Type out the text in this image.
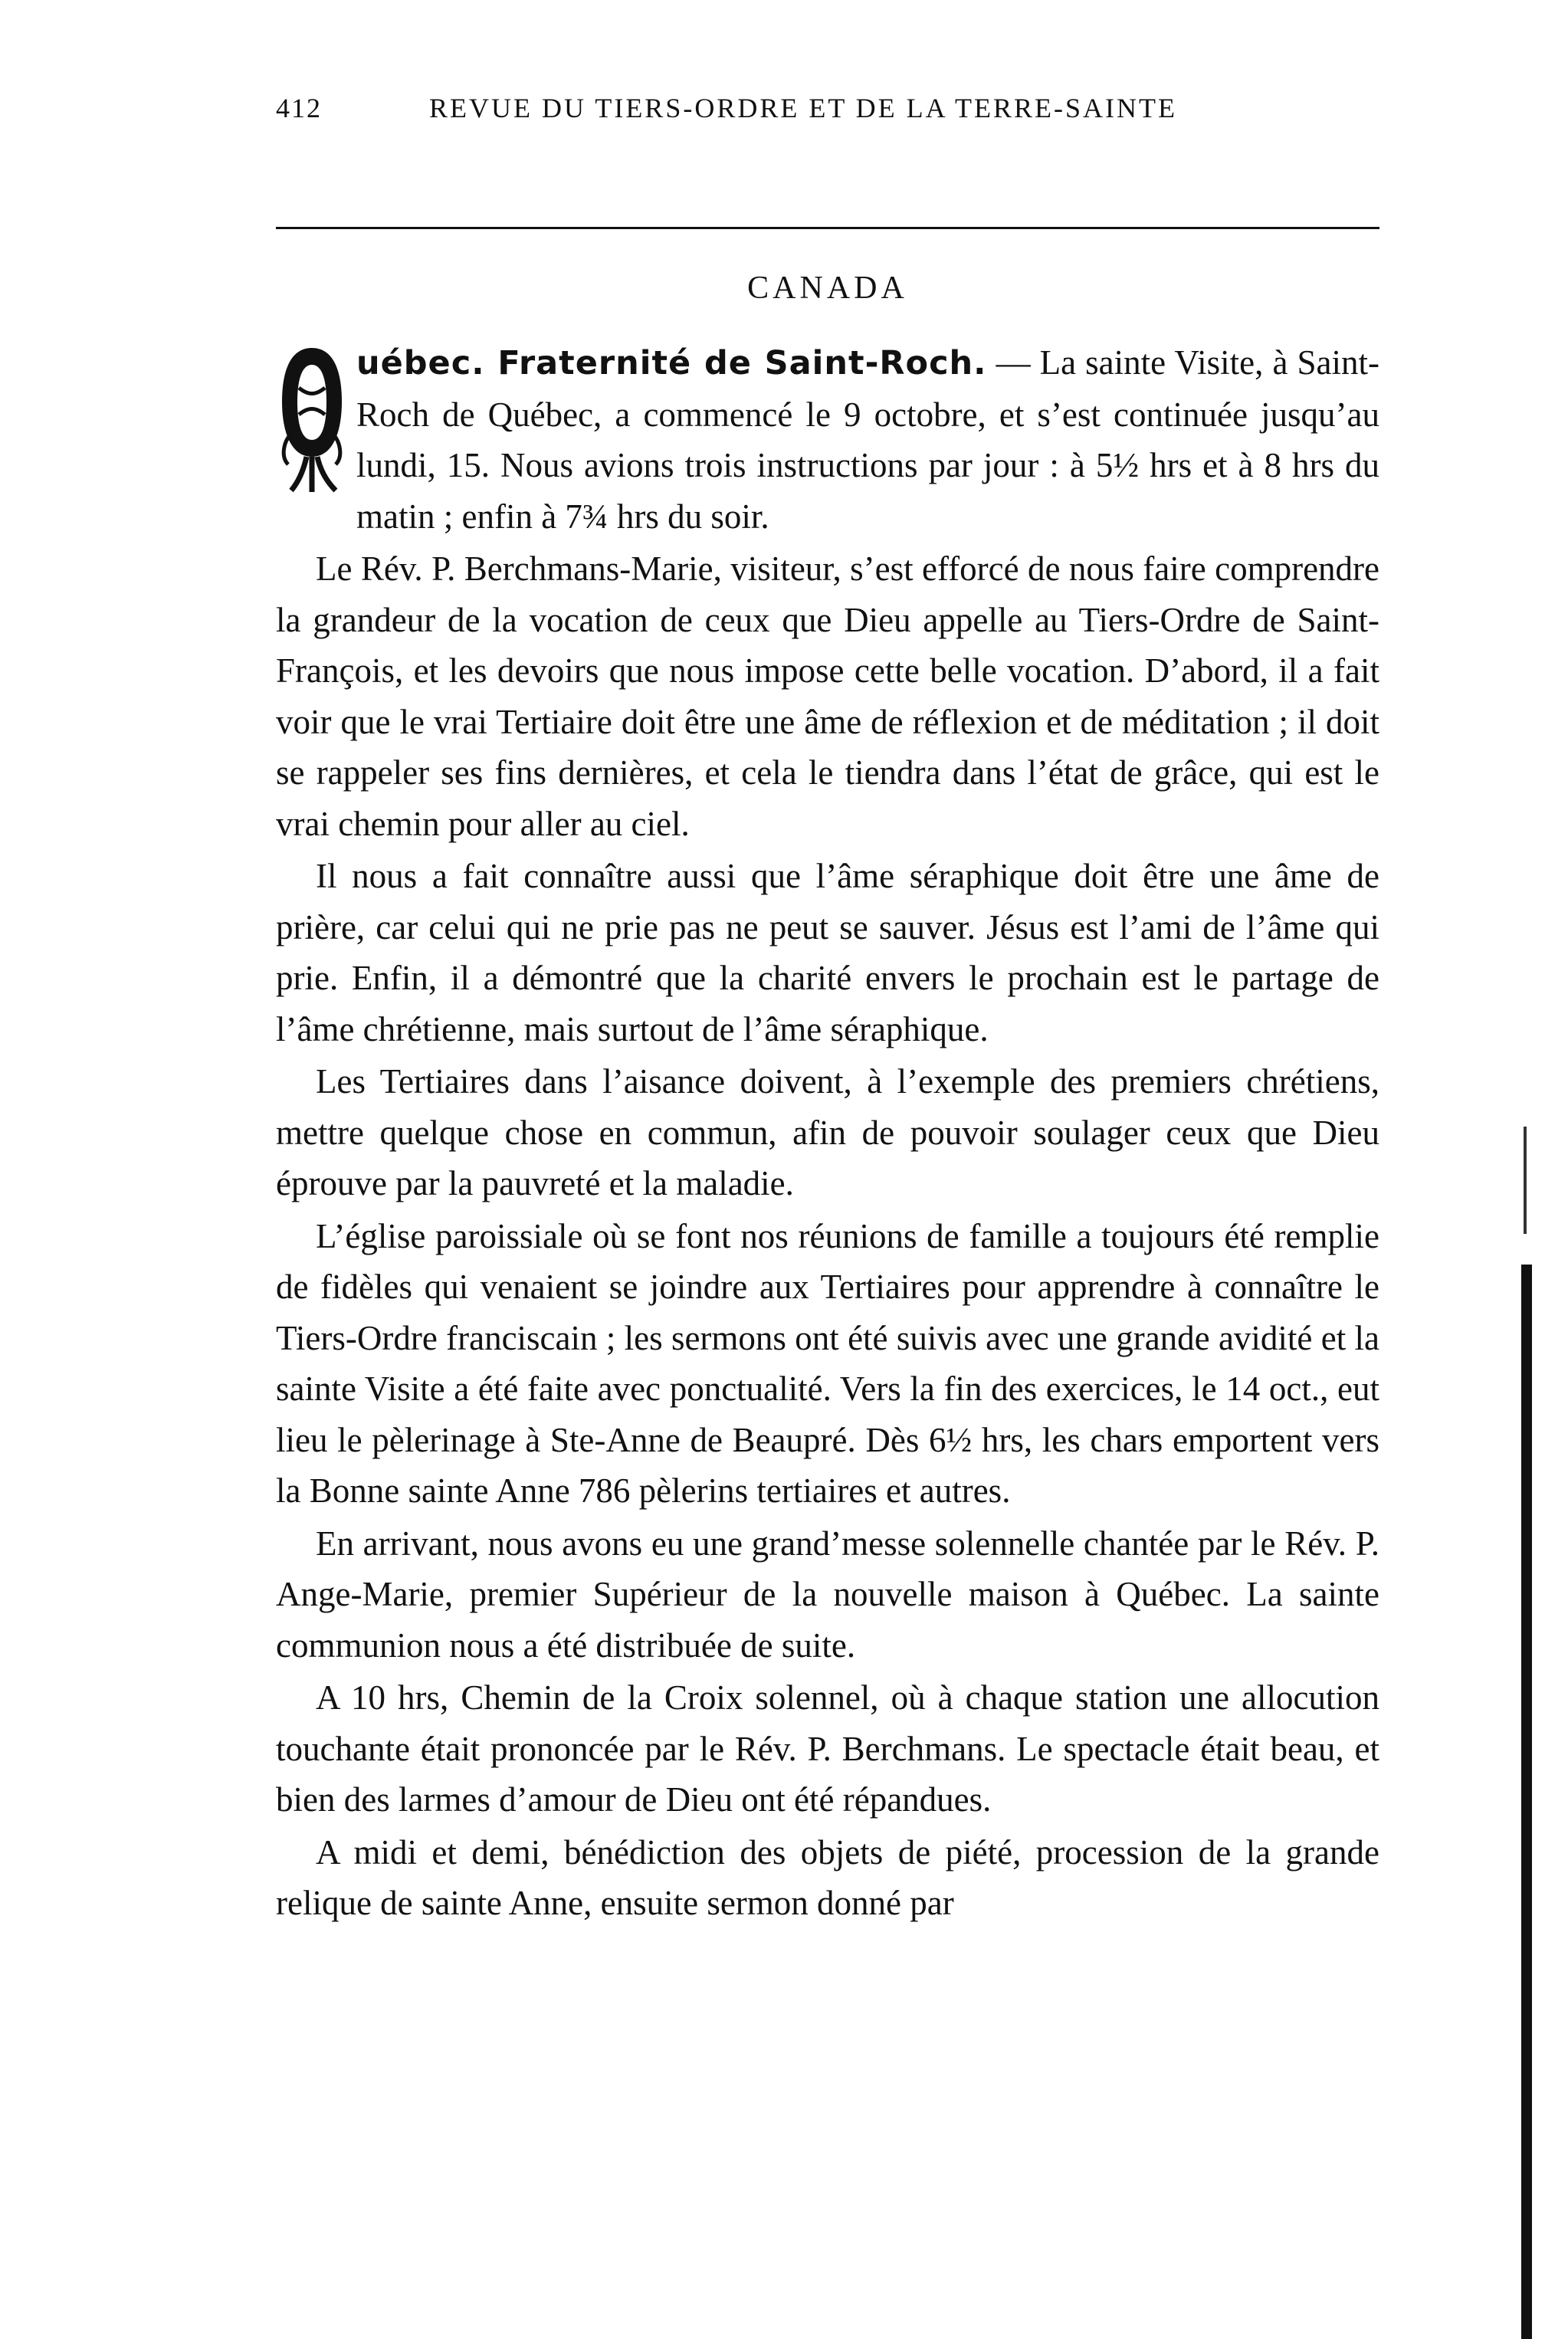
412	REVUE DU TIERS-ORDRE ET DE LA TERRE-SAINTE
CANADA

uébec. Fraternité de Saint-Roch. — La sainte Visite, à Saint-Roch de Québec, a commencé le 9 octobre, et s’est continuée jusqu’au lundi, 15. Nous avions trois instructions par jour : à 5½ hrs et à 8 hrs du matin ; enfin à 7¾ hrs du soir.

Le Rév. P. Berchmans-Marie, visiteur, s’est efforcé de nous faire comprendre la grandeur de la vocation de ceux que Dieu appelle au Tiers-Ordre de Saint-François, et les devoirs que nous impose cette belle vocation. D’abord, il a fait voir que le vrai Tertiaire doit être une âme de réflexion et de méditation ; il doit se rappeler ses fins dernières, et cela le tiendra dans l’état de grâce, qui est le vrai chemin pour aller au ciel.

Il nous a fait connaître aussi que l’âme séraphique doit être une âme de prière, car celui qui ne prie pas ne peut se sauver. Jésus est l’ami de l’âme qui prie. Enfin, il a démontré que la charité envers le prochain est le partage de l’âme chrétienne, mais surtout de l’âme séraphique.

Les Tertiaires dans l’aisance doivent, à l’exemple des premiers chrétiens, mettre quelque chose en commun, afin de pouvoir soulager ceux que Dieu éprouve par la pauvreté et la maladie.

L’église paroissiale où se font nos réunions de famille a toujours été remplie de fidèles qui venaient se joindre aux Tertiaires pour apprendre à connaître le Tiers-Ordre franciscain ; les sermons ont été suivis avec une grande avidité et la sainte Visite a été faite avec ponctualité. Vers la fin des exercices, le 14 oct., eut lieu le pèlerinage à Ste-Anne de Beaupré. Dès 6½ hrs, les chars emportent vers la Bonne sainte Anne 786 pèlerins tertiaires et autres.

En arrivant, nous avons eu une grand’messe solennelle chantée par le Rév. P. Ange-Marie, premier Supérieur de la nouvelle maison à Québec. La sainte communion nous a été distribuée de suite.

A 10 hrs, Chemin de la Croix solennel, où à chaque station une allocution touchante était prononcée par le Rév. P. Berchmans. Le spectacle était beau, et bien des larmes d’amour de Dieu ont été répandues.

A midi et demi, bénédiction des objets de piété, procession de la grande relique de sainte Anne, ensuite sermon donné par
